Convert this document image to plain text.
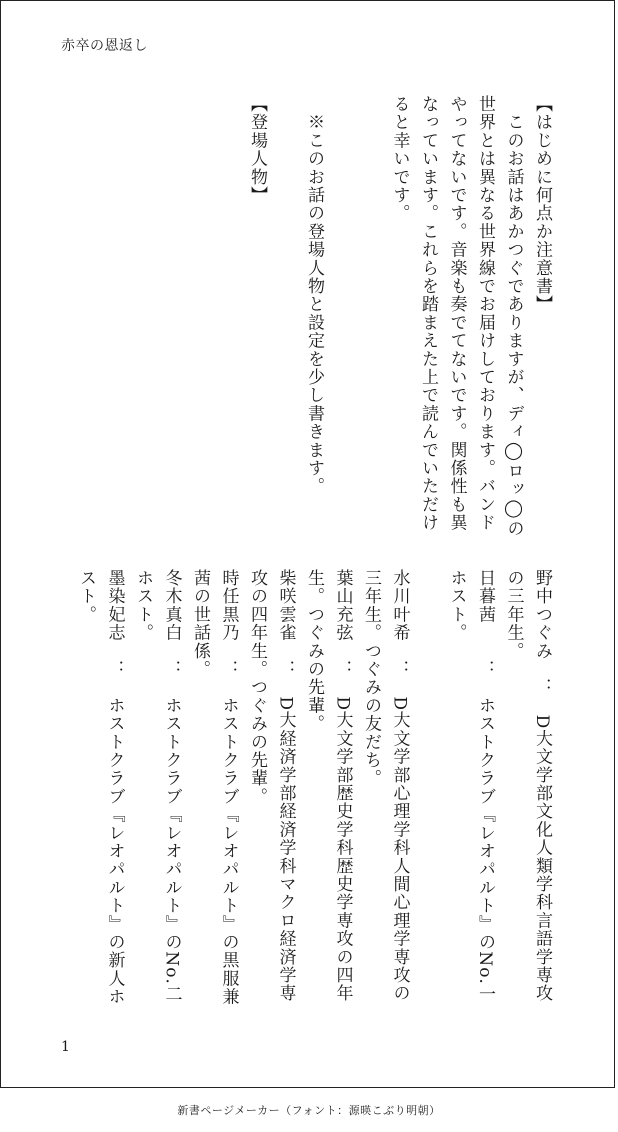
赤卒の恩返し
【はじめに何点か注意書】
　このお話はあかつぐでありますが、ディ◯ロッ◯の
世界とは異なる世界線でお届けしております。バンド
やってないです。音楽も奏でてないです。関係性も異
なっています。これらを踏まえた上で読んでいただけ
ると幸いです。
　※このお話の登場人物と設定を少し書きます。
【登場人物】
野中つぐみ　：　D大文学部文化人類学科言語学専攻
の三年生。
日暮茜　　：　ホストクラブ『レオパルト』のNo.一
ホスト。
水川叶希　：　D大文学部心理学科人間心理学専攻の
三年生。つぐみの友だち。
葉山充弦　：　D大文学部歴史学科歴史学専攻の四年
生。つぐみの先輩。
柴咲雲雀　：　D大経済学部経済学科マクロ経済学専
攻の四年生。つぐみの先輩。
時任黒乃　：　ホストクラブ『レオパルト』の黒服兼
茜の世話係。
冬木真白　：　ホストクラブ『レオパルト』のNo.二
ホスト。
墨染妃志　：　ホストクラブ『レオパルト』の新人ホ
スト。
1
新書ページメーカー（フォント：源暎こぶり明朝）
